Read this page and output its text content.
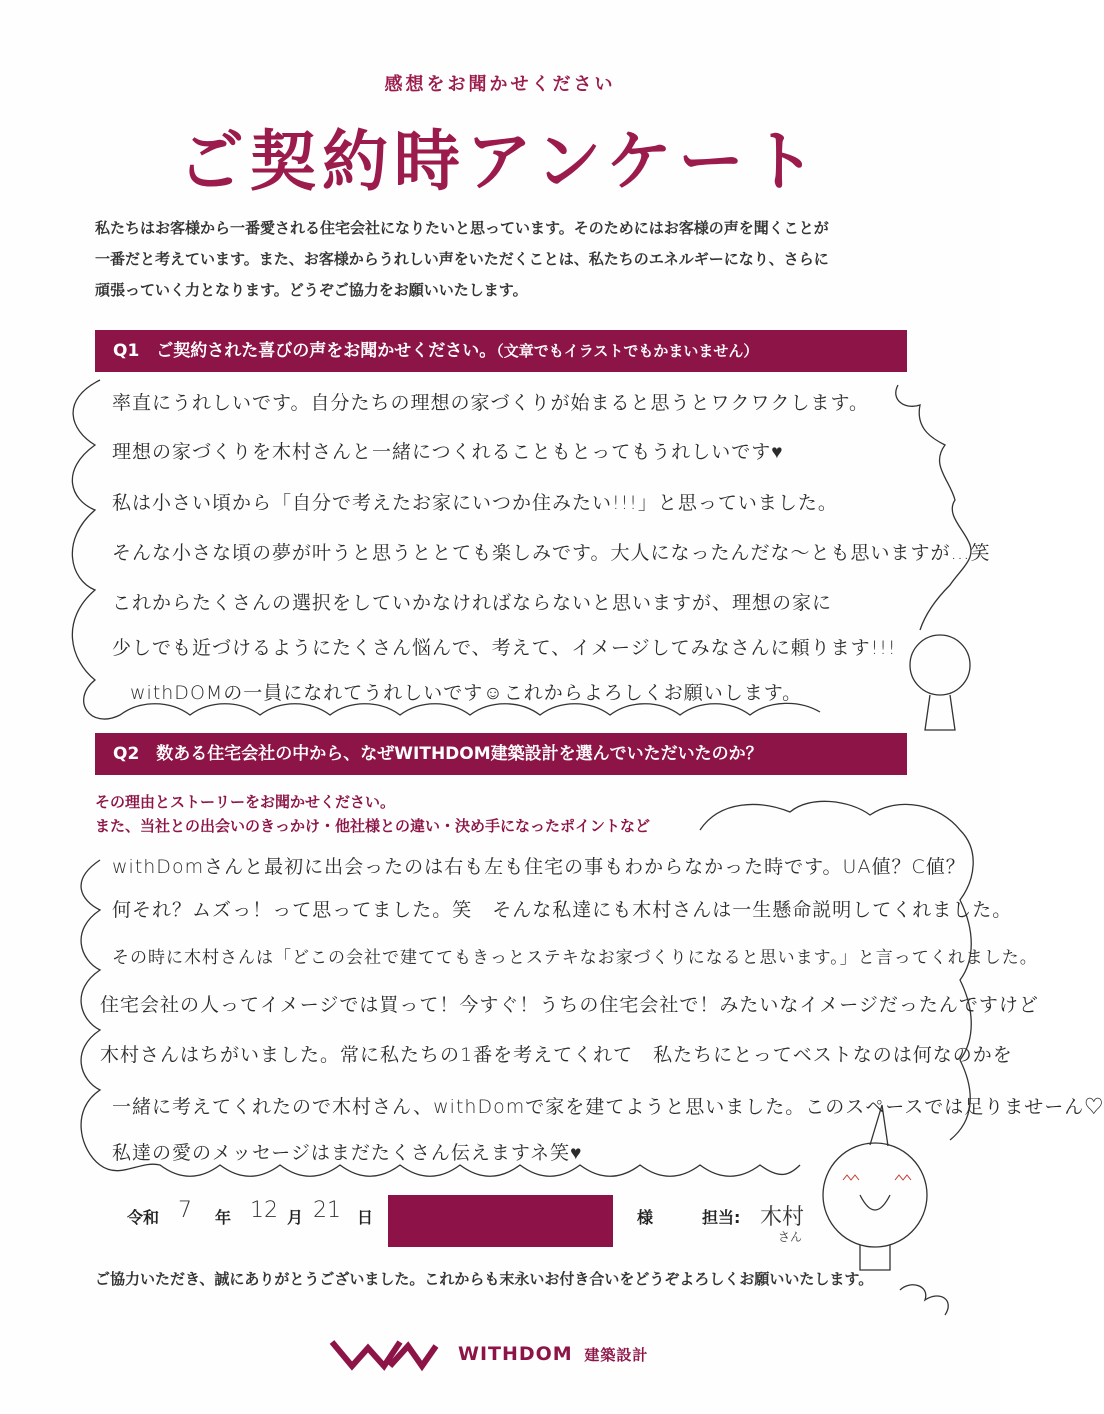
感想をお聞かせください
ご契約時アンケート
私たちはお客様から一番愛される住宅会社になりたいと思っています。そのためにはお客様の声を聞くことが
一番だと考えています。また、お客様からうれしい声をいただくことは、私たちのエネルギーになり、さらに
頑張っていく力となります。どうぞご協力をお願いいたします。
Q1　ご契約された喜びの声をお聞かせください。（文章でもイラストでもかまいません）
率直にうれしいです。自分たちの理想の家づくりが始まると思うとワクワクします。
理想の家づくりを木村さんと一緒につくれることもとってもうれしいです♥
私は小さい頃から「自分で考えたお家にいつか住みたい!!!」と思っていました。
そんな小さな頃の夢が叶うと思うととても楽しみです。大人になったんだな〜とも思いますが…笑
これからたくさんの選択をしていかなければならないと思いますが、理想の家に
少しでも近づけるようにたくさん悩んで、考えて、イメージしてみなさんに頼ります!!!
withDOMの一員になれてうれしいです☺これからよろしくお願いします。
Q2　数ある住宅会社の中から、なぜWITHDOM建築設計を選んでいただいたのか？
その理由とストーリーをお聞かせください。
また、当社との出会いのきっかけ・他社様との違い・決め手になったポイントなど
withDomさんと最初に出会ったのは右も左も住宅の事もわからなかった時です。UA値？C値？
何それ？ムズっ！って思ってました。笑　そんな私達にも木村さんは一生懸命説明してくれました。
その時に木村さんは「どこの会社で建ててもきっとステキなお家づくりになると思います。」と言ってくれました。
住宅会社の人ってイメージでは買って！今すぐ！うちの住宅会社で！みたいなイメージだったんですけど
木村さんはちがいました。常に私たちの1番を考えてくれて　私たちにとってベストなのは何なのかを
一緒に考えてくれたので木村さん、withDomで家を建てようと思いました。このスペースでは足りませーん♡
私達の愛のメッセージはまだたくさん伝えますネ笑♥
令和 7 年 12 月 21 日	様	担当: 木村
さん
ご協力いただき、誠にありがとうございました。これからも末永いお付き合いをどうぞよろしくお願いいたします。
WITHDOM 建築設計
